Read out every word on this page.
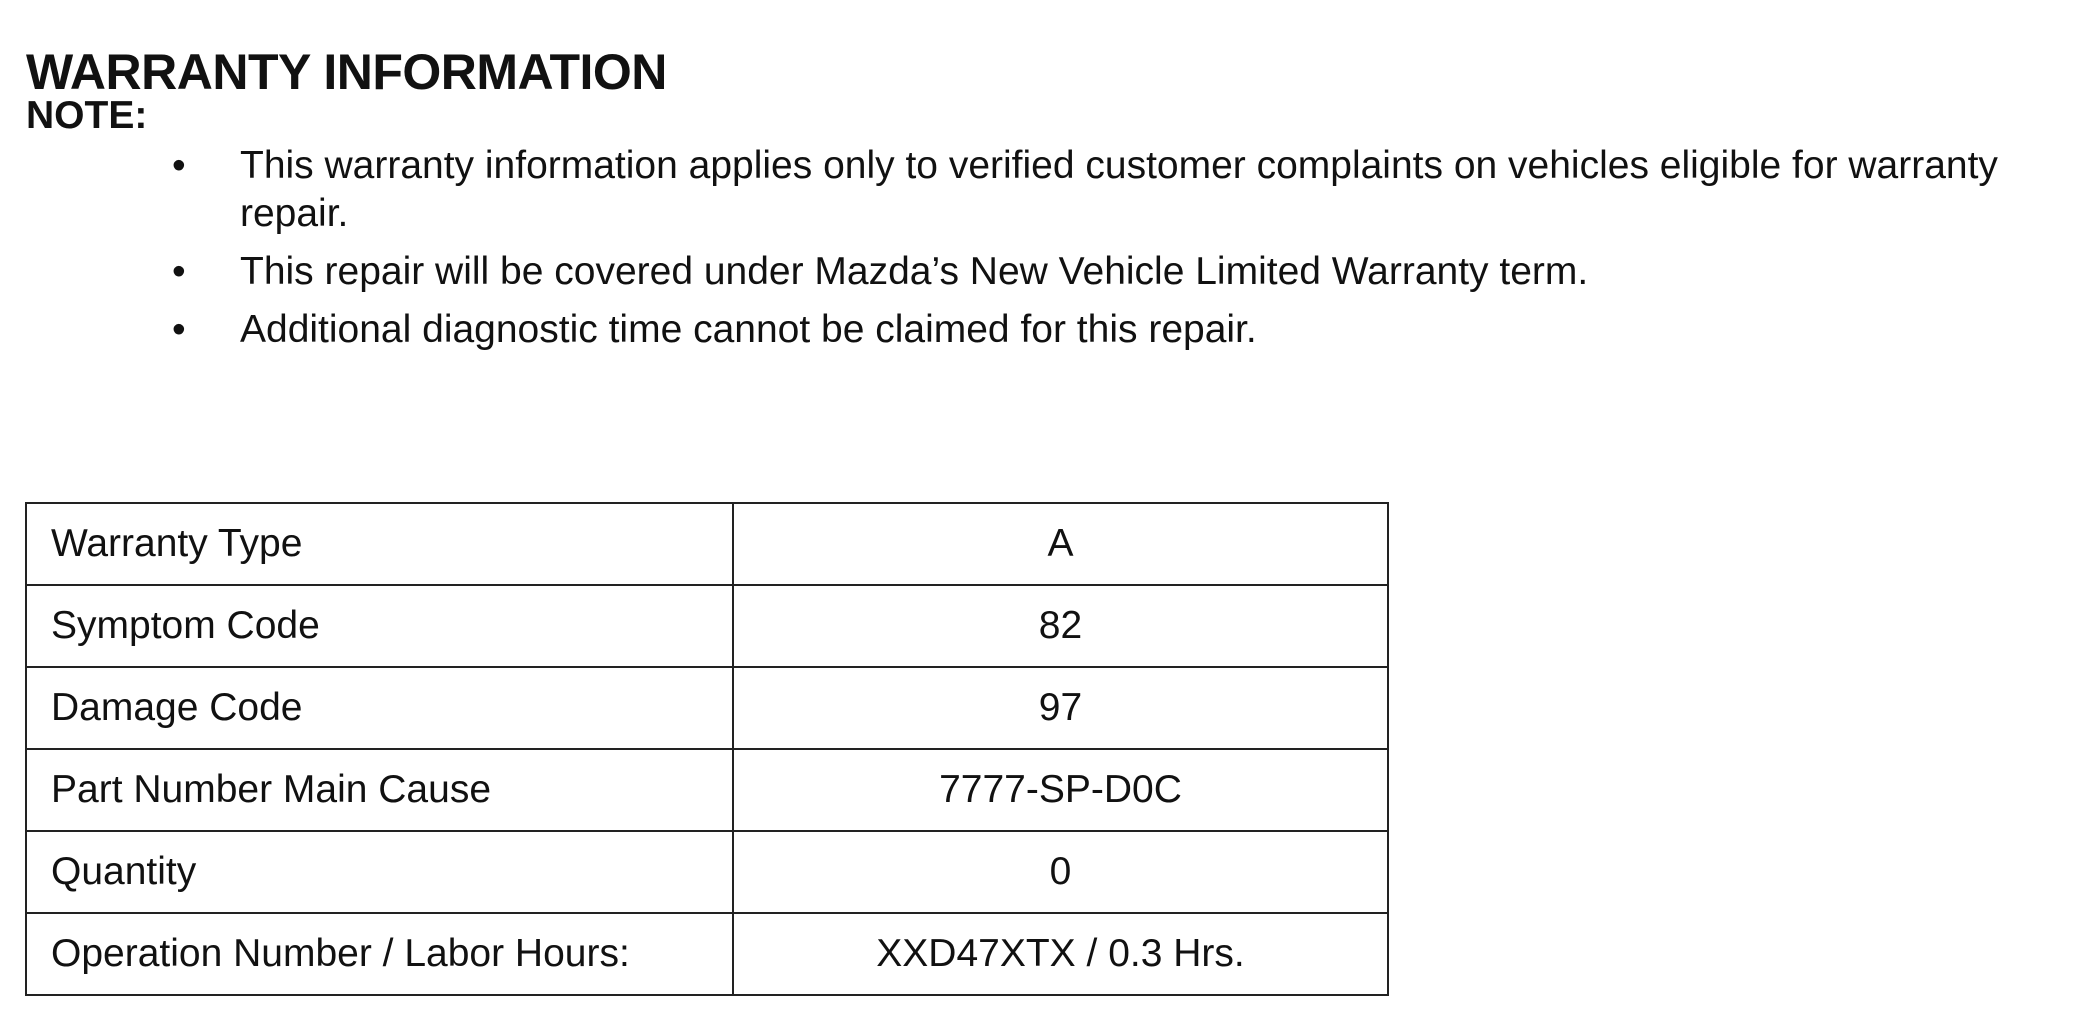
WARRANTY INFORMATION
NOTE:
• This warranty information applies only to verified customer complaints on vehicles eligible for warranty repair.
• This repair will be covered under Mazda’s New Vehicle Limited Warranty term.
• Additional diagnostic time cannot be claimed for this repair.
Warranty Type	A
Symptom Code	82
Damage Code	97
Part Number Main Cause	7777-SP-D0C
Quantity	0
Operation Number / Labor Hours:	XXD47XTX / 0.3 Hrs.
